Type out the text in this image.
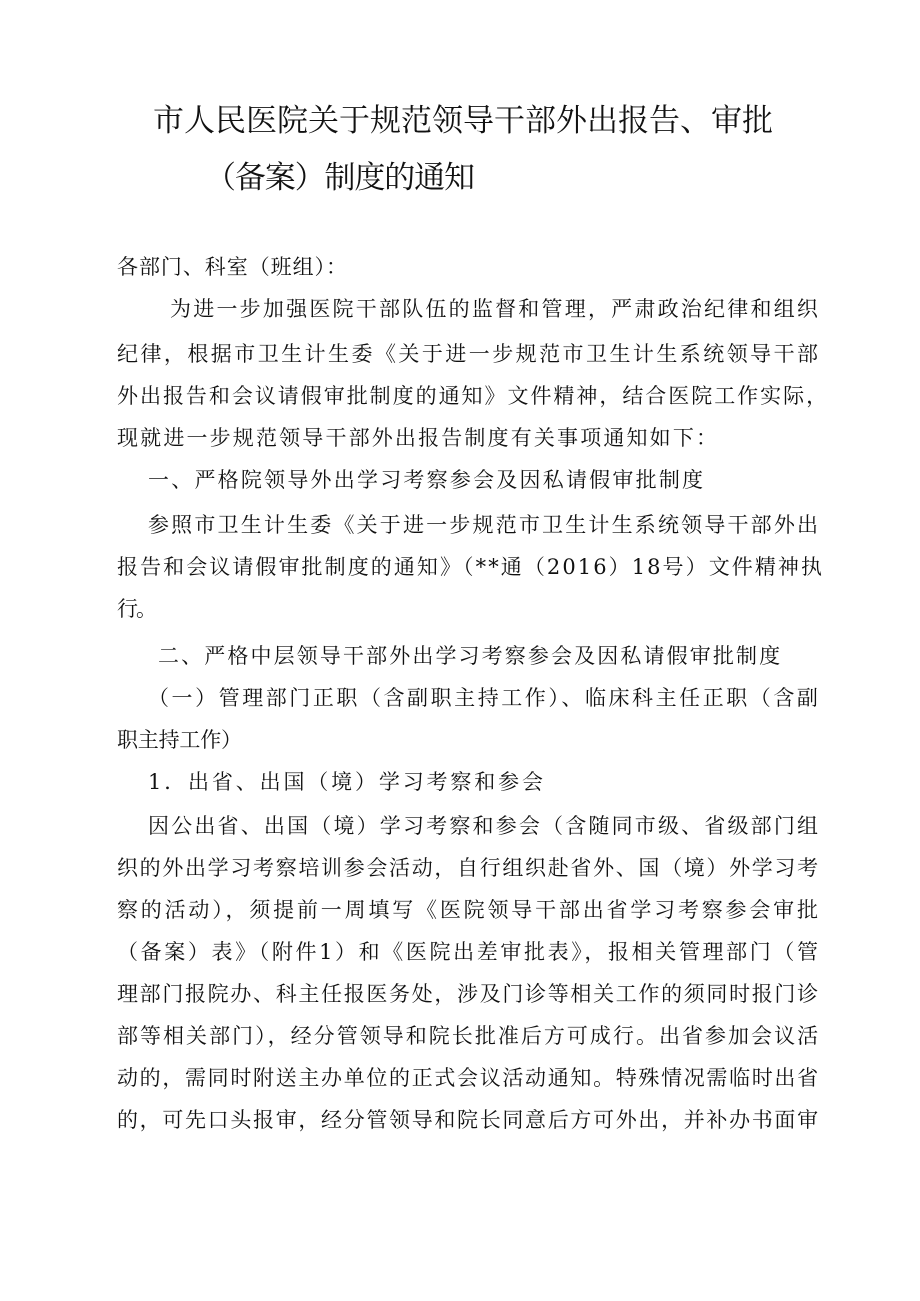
市人民医院关于规范领导干部外出报告、审批
（备案）制度的通知
各部门、科室（班组）：
为进一步加强医院干部队伍的监督和管理，严肃政治纪律和组织
纪律，根据市卫生计生委《关于进一步规范市卫生计生系统领导干部
外出报告和会议请假审批制度的通知》文件精神，结合医院工作实际，
现就进一步规范领导干部外出报告制度有关事项通知如下：
一、严格院领导外出学习考察参会及因私请假审批制度
参照市卫生计生委《关于进一步规范市卫生计生系统领导干部外出
报告和会议请假审批制度的通知》（**通（2016）18号）文件精神执
行。
二、严格中层领导干部外出学习考察参会及因私请假审批制度
（一）管理部门正职（含副职主持工作）、临床科主任正职（含副
职主持工作）
1．出省、出国（境）学习考察和参会
因公出省、出国（境）学习考察和参会（含随同市级、省级部门组
织的外出学习考察培训参会活动，自行组织赴省外、国（境）外学习考
察的活动），须提前一周填写《医院领导干部出省学习考察参会审批
（备案）表》（附件1）和《医院出差审批表》，报相关管理部门（管
理部门报院办、科主任报医务处，涉及门诊等相关工作的须同时报门诊
部等相关部门），经分管领导和院长批准后方可成行。出省参加会议活
动的，需同时附送主办单位的正式会议活动通知。特殊情况需临时出省
的，可先口头报审，经分管领导和院长同意后方可外出，并补办书面审
